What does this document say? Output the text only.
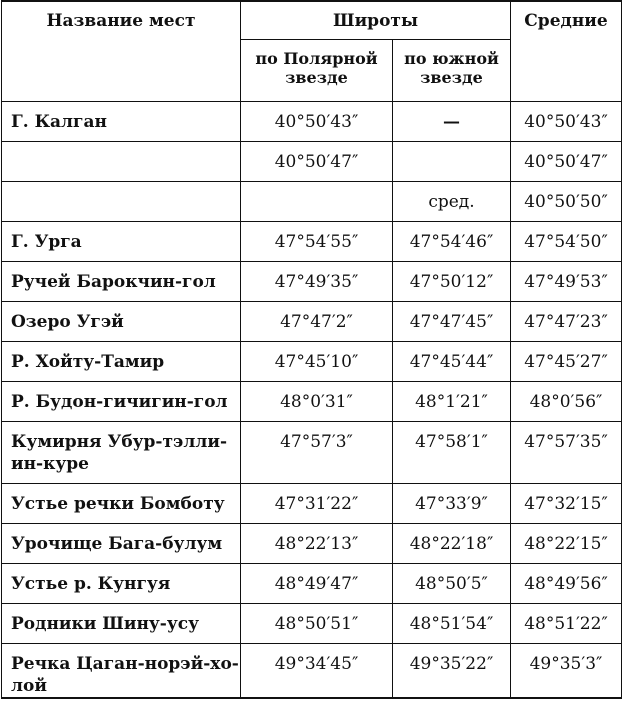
Название мест	Широты		Средние
	по Полярной звезде	по южной звезде	
Г. Калган	40°50′43″	—	40°50′43″
	40°50′47″		40°50′47″
		сред.	40°50′50″
Г. Урга	47°54′55″	47°54′46″	47°54′50″
Ручей Барокчин-гол	47°49′35″	47°50′12″	47°49′53″
Озеро Угэй	47°47′2″	47°47′45″	47°47′23″
Р. Хойту-Тамир	47°45′10″	47°45′44″	47°45′27″
Р. Будон-гичигин-гол	48°0′31″	48°1′21″	48°0′56″
Кумирня Убур-тэлли-ин-куре	47°57′3″	47°58′1″	47°57′35″
Устье речки Бомботу	47°31′22″	47°33′9″	47°32′15″
Урочище Бага-булум	48°22′13″	48°22′18″	48°22′15″
Устье р. Кунгуя	48°49′47″	48°50′5″	48°49′56″
Родники Шину-усу	48°50′51″	48°51′54″	48°51′22″
Речка Цаган-норэй-хо-лой	49°34′45″	49°35′22″	49°35′3″
